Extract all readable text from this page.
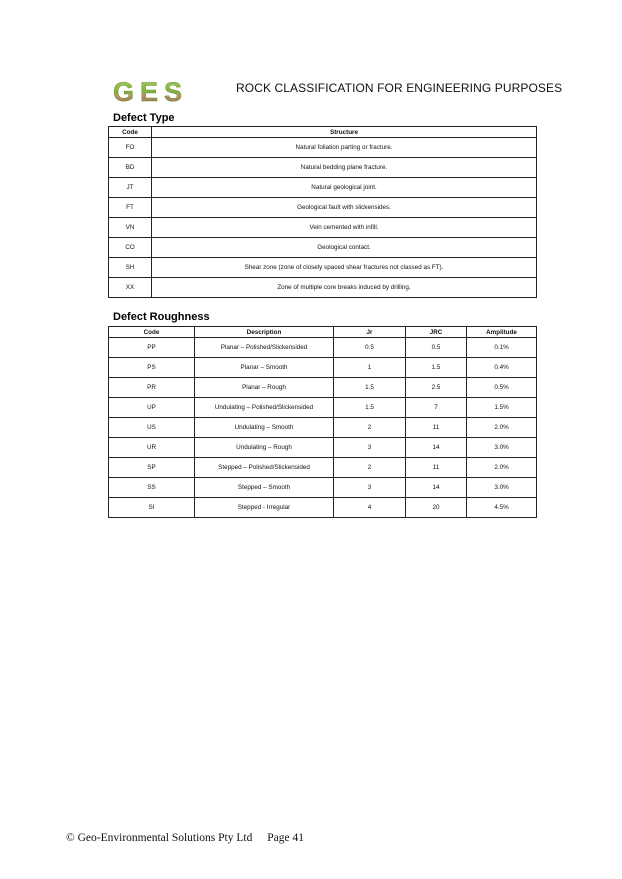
GES	ROCK CLASSIFICATION FOR ENGINEERING PURPOSES
Defect Type
Code	Structure
FO	Natural foliation parting or fracture.
BD	Natural bedding plane fracture.
JT	Natural geological joint.
FT	Geological fault with slickensides.
VN	Vein cemented with infill.
CO	Geological contact.
SH	Shear zone (zone of closely spaced shear fractures not classed as FT).
XX	Zone of multiple core breaks induced by drilling.
Defect Roughness
Code	Description	Jr	JRC	Amplitude
PP	Planar – Polished/Slickensided	0.5	0.5	0.1%
PS	Planar – Smooth	1	1.5	0.4%
PR	Planar – Rough	1.5	2.5	0.5%
UP	Undulating – Polished/Slickensided	1.5	7	1.5%
US	Undulating – Smooth	2	11	2.0%
UR	Undulating – Rough	3	14	3.0%
SP	Stepped – Polished/Slickensided	2	11	2.0%
SS	Stepped – Smooth	3	14	3.0%
SI	Stepped - Irregular	4	20	4.5%
© Geo-Environmental Solutions Pty Ltd Page 41
